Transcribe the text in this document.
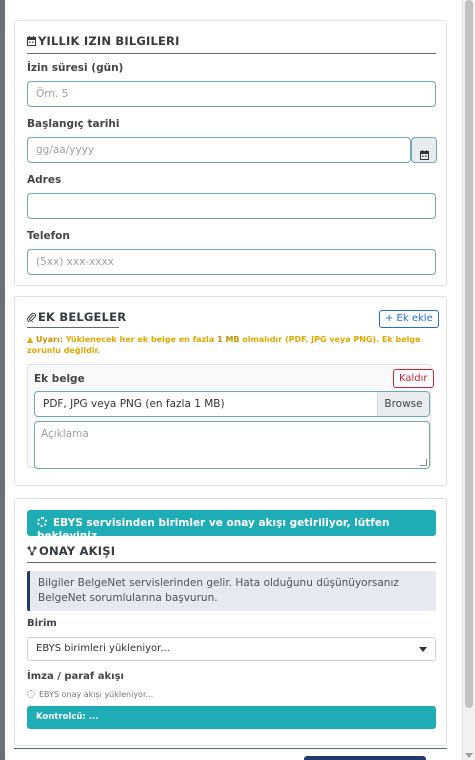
YILLIK IZIN BILGILERI
İzin süresi (gün)
Örn. 5
Başlangıç tarihi
gg/aa/yyyy
Adres
Telefon
(5xx) xxx-xxxx
EK BELGELER	+ Ek ekle
▲ Uyarı: Yüklenecek her ek belge en fazla 1 MB olmalıdır (PDF, JPG veya PNG). Ek belge zorunlu değildir.
Ek belge	Kaldır
PDF, JPG veya PNG (en fazla 1 MB)	Browse
Açıklama
EBYS servisinden birimler ve onay akışı getiriliyor, lütfen bekleyiniz...
ONAY AKIŞI
Bilgiler BelgeNet servislerinden gelir. Hata olduğunu düşünüyorsanız BelgeNet sorumlularına başvurun.
Birim
EBYS birimleri yükleniyor...
İmza / paraf akışı
EBYS onay akışı yükleniyor...
Kontrolcü: ...
